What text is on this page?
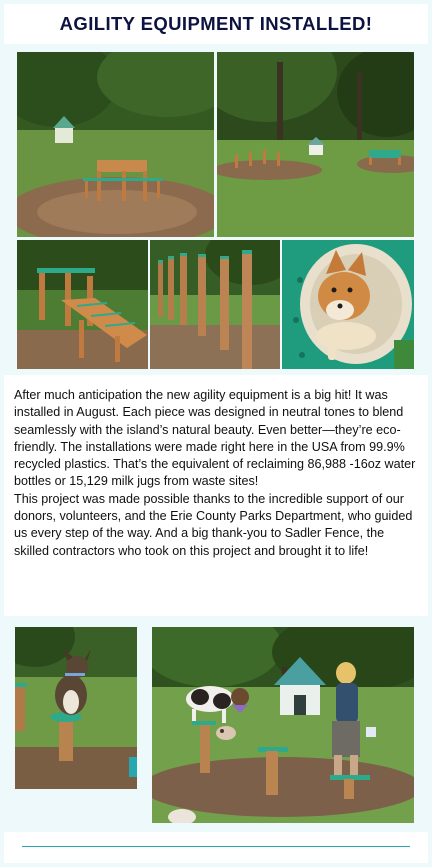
AGILITY EQUIPMENT INSTALLED!

After much anticipation the new agility equipment is a big hit! It was installed in August. Each piece was designed in neutral tones to blend seamlessly with the island’s natural beauty. Even better—they’re eco-friendly. The installations were made right here in the USA from 99.9% recycled plastics. That’s the equivalent of reclaiming 86,988 -16oz water bottles or 15,129 milk jugs from waste sites!

This project was made possible thanks to the incredible support of our donors, volunteers, and the Erie County Parks Department, who guided us every step of the way. And a big thank-you to Sadler Fence, the skilled contractors who took on this project and brought it to life!
